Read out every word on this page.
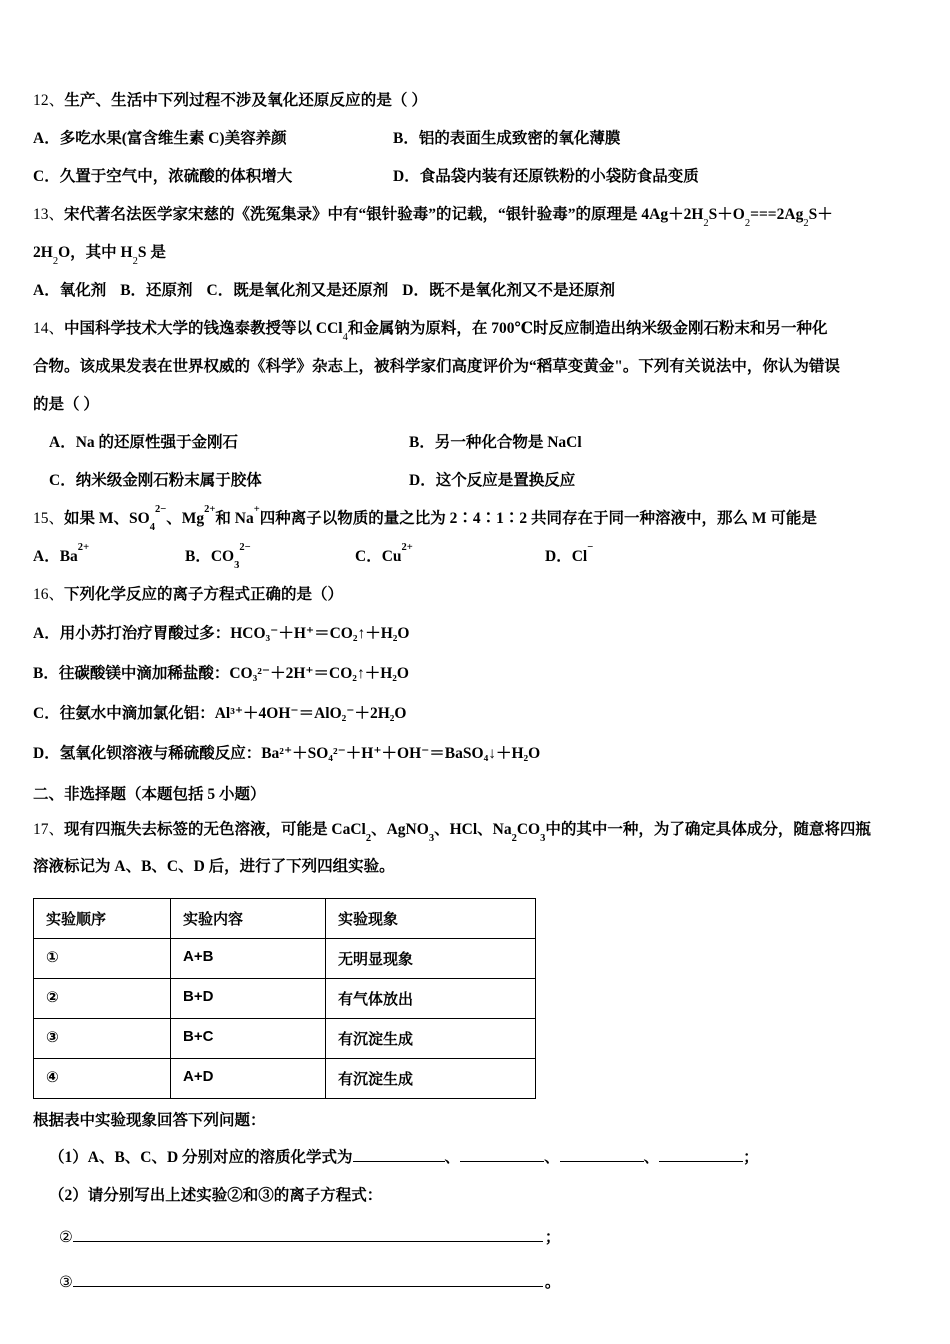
12、生产、生活中下列过程不涉及氧化还原反应的是（ ）
A．多吃水果(富含维生素 C)美容养颜	B．铝的表面生成致密的氧化薄膜
C．久置于空气中，浓硫酸的体积增大	D．食品袋内装有还原铁粉的小袋防食品变质
13、宋代著名法医学家宋慈的《洗冤集录》中有“银针验毒”的记载，“银针验毒”的原理是 $4Ag+2H_2S+O_2===2Ag_2S+$
$2H_2O$，其中 $H_2S$ 是
A．氧化剂 B．还原剂 C．既是氧化剂又是还原剂 D．既不是氧化剂又不是还原剂
14、中国科学技术大学的钱逸泰教授等以 CCl$_4$和金属钠为原料，在 700℃时反应制造出纳米级金刚石粉末和另一种化
合物。该成果发表在世界权威的《科学》杂志上，被科学家们高度评价为“稻草变黄金"。下列有关说法中，你认为错误
的是（ ）
A．Na 的还原性强于金刚石	B．另一种化合物是 NaCl
C．纳米级金刚石粉末属于胶体	D．这个反应是置换反应
15、如果 M、$SO_4^{2-}$、$Mg^{2+}$和 Na+四种离子以物质的量之比为 2∶4∶1∶2 共同存在于同一种溶液中，那么 M 可能是
A．$Ba^{2+}$
B．$CO_3^{2-}$
C．$Cu^{2+}$
D．Cl−
16、下列化学反应的离子方程式正确的是（）
A．用小苏打治疗胃酸过多：HCO₃⁻＋H⁺＝CO₂↑＋H₂O
B．往碳酸镁中滴加稀盐酸：CO₃²⁻＋2H⁺＝CO₂↑＋H₂O
C．往氨水中滴加氯化铝：Al³⁺＋4OH⁻＝AlO₂⁻＋2H₂O
D．氢氧化钡溶液与稀硫酸反应：Ba²⁺＋SO₄²⁻＋H⁺＋OH⁻＝BaSO₄↓＋H₂O
二、非选择题（本题包括 5 小题）
17、现有四瓶失去标签的无色溶液，可能是 CaCl$_2$、AgNO$_3$、HCl、$Na_2CO_3$中的其中一种，为了确定具体成分，随意将四瓶
溶液标记为 A、B、C、D 后，进行了下列四组实验。
实验顺序	实验内容	实验现象
①	A+B	无明显现象
②	B+D	有气体放出
③	B+C	有沉淀生成
④	A+D	有沉淀生成
根据表中实验现象回答下列问题：
（1）A、B、C、D 分别对应的溶质化学式为	、	、	、	；
（2）请分别写出上述实验②和③的离子方程式：
②	；
③	。
